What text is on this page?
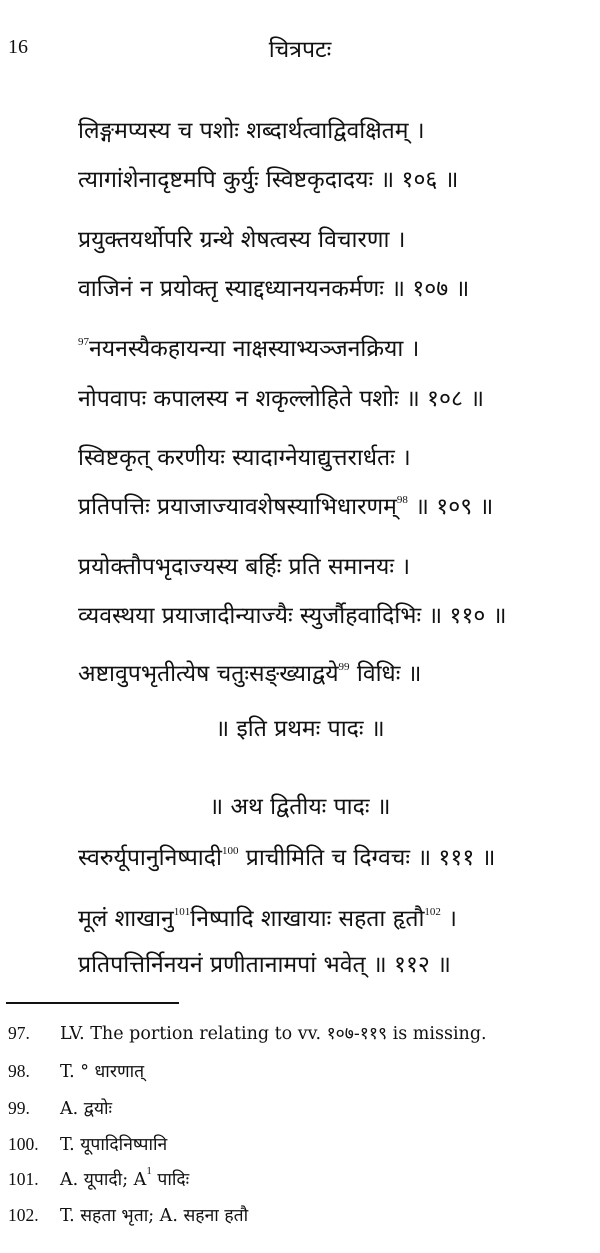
16	चित्रपटः
लिङ्गमप्यस्य च पशोः शब्दार्थत्वाद्विवक्षितम् ।
त्यागांशेनादृष्टमपि कुर्युः स्विष्टकृदादयः ॥ १०६ ॥
प्रयुक्तयर्थोपरि ग्रन्थे शेषत्वस्य विचारणा ।
वाजिनं न प्रयोक्तृ स्याद्दध्यानयनकर्मणः ॥ १०७ ॥
$^{97}$नयनस्यैकहायन्या नाक्षस्याभ्यञ्जनक्रिया ।
नोपवापः कपालस्य न शकृल्लोहिते पशोः ॥ १०८ ॥
स्विष्टकृत् करणीयः स्यादाग्नेयाद्युत्तरार्धतः ।
प्रतिपत्तिः प्रयाजाज्यावशेषस्याभिधारणम्$^{98}$ ॥ १०९ ॥
प्रयोक्तौपभृदाज्यस्य बर्हिः प्रति समानयः ।
व्यवस्थया प्रयाजादीन्याज्यैः स्युर्जौहवादिभिः ॥ ११० ॥
अष्टावुपभृतीत्येष चतुःसङ्ख्याद्वये$^{99}$ विधिः ॥
॥ इति प्रथमः पादः ॥
॥ अथ द्वितीयः पादः ॥
स्वरुर्यूपानुनिष्पादी$^{100}$ प्राचीमिति च दिग्वचः ॥ १११ ॥
मूलं शाखानु$^{101}$निष्पादि शाखायाः सहता हृतौ$^{102}$ ।
प्रतिपत्तिर्निनयनं प्रणीतानामपां भवेत् ॥ ११२ ॥
97. LV. The portion relating to vv. १०७-११९ is missing.
98. T. ° धारणात्
99. A. द्वयोः
100. T. यूपादिनिष्पानि
101. A. यूपादी; $A^1$ पादिः
102. T. सहता भृता; A. सहना हतौ
